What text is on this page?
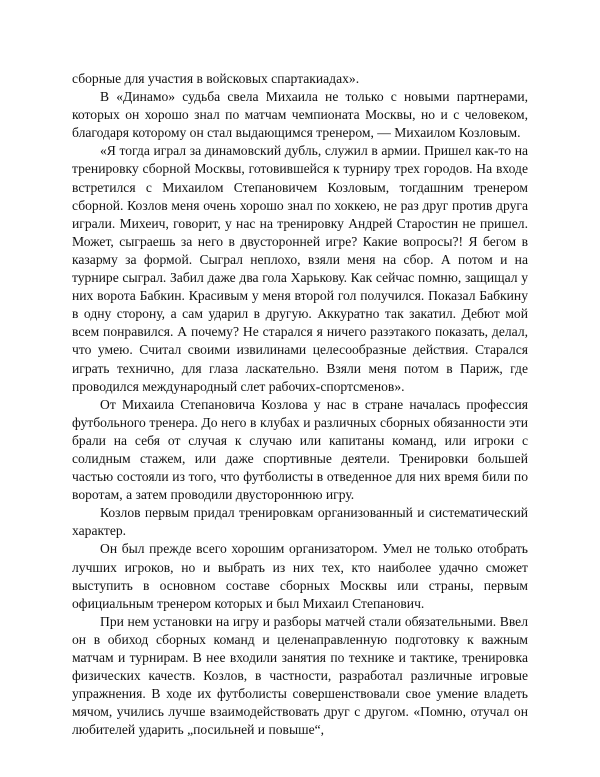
сборные для участия в войсковых спартакиадах».

В «Динамо» судьба свела Михаила не только с новыми партнерами, которых он хорошо знал по матчам чемпионата Москвы, но и с человеком, благодаря которому он стал выдающимся тренером, — Михаилом Козловым.

«Я тогда играл за динамовский дубль, служил в армии. Пришел как-то на тренировку сборной Москвы, готовившейся к турниру трех городов. На входе встретился с Михаилом Степановичем Козловым, тогдашним тренером сборной. Козлов меня очень хорошо знал по хоккею, не раз друг против друга играли. Михеич, говорит, у нас на тренировку Андрей Старостин не пришел. Может, сыграешь за него в двусторонней игре? Какие вопросы?! Я бегом в казарму за формой. Сыграл неплохо, взяли меня на сбор. А потом и на турнире сыграл. Забил даже два гола Харькову. Как сейчас помню, защищал у них ворота Бабкин. Красивым у меня второй гол получился. Показал Бабкину в одну сторону, а сам ударил в другую. Аккуратно так закатил. Дебют мой всем понравился. А почему? Не старался я ничего разэтакого показать, делал, что умею. Считал своими извилинами целесообразные действия. Старался играть технично, для глаза ласкательно. Взяли меня потом в Париж, где проводился международный слет рабочих-спортсменов».

От Михаила Степановича Козлова у нас в стране началась профессия футбольного тренера. До него в клубах и различных сборных обязанности эти брали на себя от случая к случаю или капитаны команд, или игроки с солидным стажем, или даже спортивные деятели. Тренировки большей частью состояли из того, что футболисты в отведенное для них время били по воротам, а затем проводили двустороннюю игру.

Козлов первым придал тренировкам организованный и систематический характер.

Он был прежде всего хорошим организатором. Умел не только отобрать лучших игроков, но и выбрать из них тех, кто наиболее удачно сможет выступить в основном составе сборных Москвы или страны, первым официальным тренером которых и был Михаил Степанович.

При нем установки на игру и разборы матчей стали обязательными. Ввел он в обиход сборных команд и целенаправленную подготовку к важным матчам и турнирам. В нее входили занятия по технике и тактике, тренировка физических качеств. Козлов, в частности, разработал различные игровые упражнения. В ходе их футболисты совершенствовали свое умение владеть мячом, учились лучше взаимодействовать друг с другом. «Помню, отучал он любителей ударить „посильней и повыше“,
